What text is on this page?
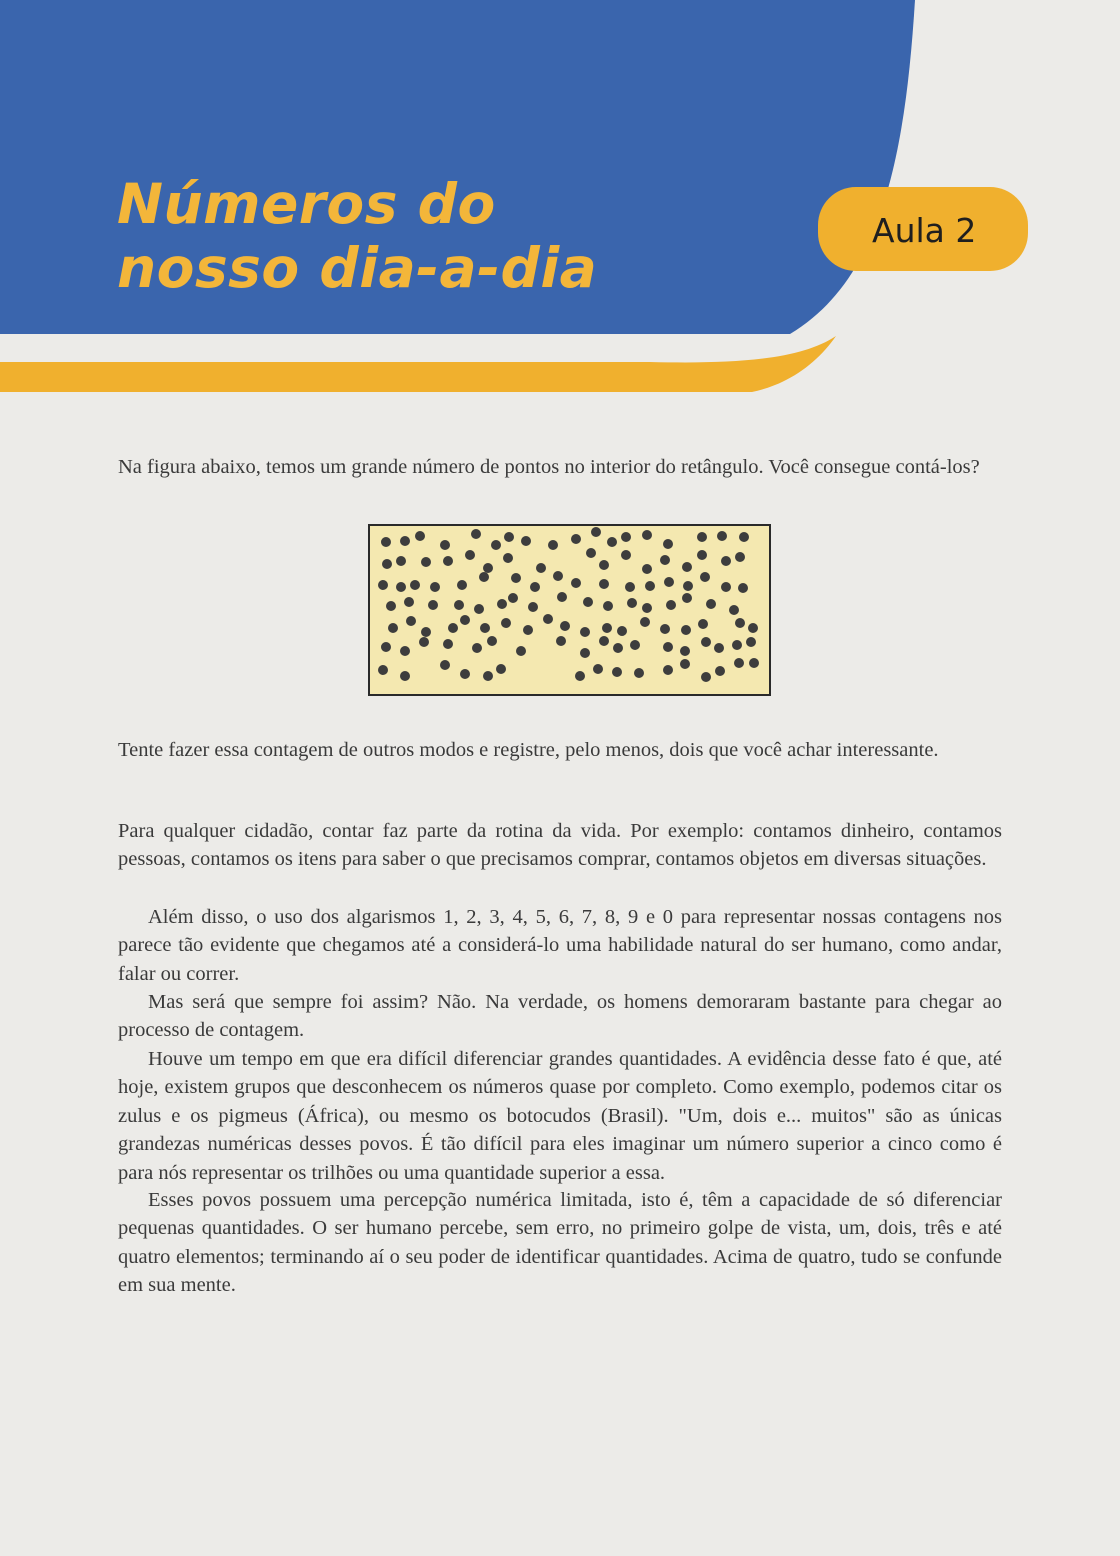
Números do
nosso dia-a-dia
Aula 2

Na figura abaixo, temos um grande número de pontos no interior do retângulo. Você consegue contá-los?

Tente fazer essa contagem de outros modos e registre, pelo menos, dois que você achar interessante.

Para qualquer cidadão, contar faz parte da rotina da vida. Por exemplo: contamos dinheiro, contamos pessoas, contamos os itens para saber o que precisamos comprar, contamos objetos em diversas situações.

Além disso, o uso dos algarismos 1, 2, 3, 4, 5, 6, 7, 8, 9 e 0 para representar nossas contagens nos parece tão evidente que chegamos até a considerá-lo uma habilidade natural do ser humano, como andar, falar ou correr.

Mas será que sempre foi assim? Não. Na verdade, os homens demoraram bastante para chegar ao processo de contagem.

Houve um tempo em que era difícil diferenciar grandes quantidades. A evidência desse fato é que, até hoje, existem grupos que desconhecem os números quase por completo. Como exemplo, podemos citar os zulus e os pigmeus (África), ou mesmo os botocudos (Brasil). "Um, dois e... muitos" são as únicas grandezas numéricas desses povos. É tão difícil para eles imaginar um número superior a cinco como é para nós representar os trilhões ou uma quantidade superior a essa.

Esses povos possuem uma percepção numérica limitada, isto é, têm a capacidade de só diferenciar pequenas quantidades. O ser humano percebe, sem erro, no primeiro golpe de vista, um, dois, três e até quatro elementos; terminando aí o seu poder de identificar quantidades. Acima de quatro, tudo se confunde em sua mente.
